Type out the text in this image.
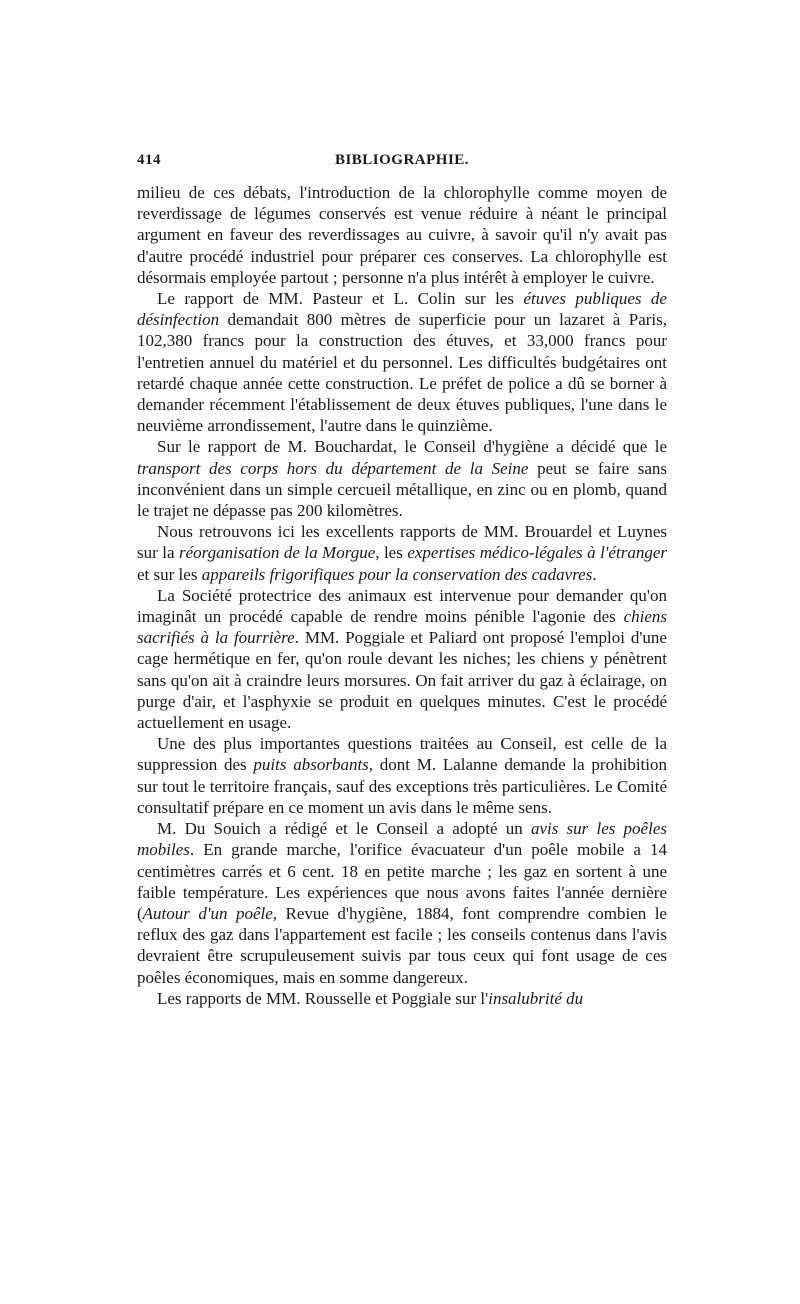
414	BIBLIOGRAPHIE.

milieu de ces débats, l'introduction de la chlorophylle comme moyen de reverdissage de légumes conservés est venue réduire à néant le principal argument en faveur des reverdissages au cuivre, à savoir qu'il n'y avait pas d'autre procédé industriel pour préparer ces conserves. La chlorophylle est désormais employée partout ; personne n'a plus intérêt à employer le cuivre.

Le rapport de MM. Pasteur et L. Colin sur les étuves publiques de désinfection demandait 800 mètres de superficie pour un lazaret à Paris, 102,380 francs pour la construction des étuves, et 33,000 francs pour l'entretien annuel du matériel et du personnel. Les difficultés budgétaires ont retardé chaque année cette construction. Le préfet de police a dû se borner à demander récemment l'établissement de deux étuves publiques, l'une dans le neuvième arrondissement, l'autre dans le quinzième.

Sur le rapport de M. Bouchardat, le Conseil d'hygiène a décidé que le transport des corps hors du département de la Seine peut se faire sans inconvénient dans un simple cercueil métallique, en zinc ou en plomb, quand le trajet ne dépasse pas 200 kilomètres.

Nous retrouvons ici les excellents rapports de MM. Brouardel et Luynes sur la réorganisation de la Morgue, les expertises médico-légales à l'étranger et sur les appareils frigorifiques pour la conservation des cadavres.

La Société protectrice des animaux est intervenue pour demander qu'on imaginât un procédé capable de rendre moins pénible l'agonie des chiens sacrifiés à la fourrière. MM. Poggiale et Paliard ont proposé l'emploi d'une cage hermétique en fer, qu'on roule devant les niches; les chiens y pénètrent sans qu'on ait à craindre leurs morsures. On fait arriver du gaz à éclairage, on purge d'air, et l'asphyxie se produit en quelques minutes. C'est le procédé actuellement en usage.

Une des plus importantes questions traitées au Conseil, est celle de la suppression des puits absorbants, dont M. Lalanne demande la prohibition sur tout le territoire français, sauf des exceptions très particulières. Le Comité consultatif prépare en ce moment un avis dans le même sens.

M. Du Souich a rédigé et le Conseil a adopté un avis sur les poêles mobiles. En grande marche, l'orifice évacuateur d'un poêle mobile a 14 centimètres carrés et 6 cent. 18 en petite marche ; les gaz en sortent à une faible température. Les expériences que nous avons faites l'année dernière (Autour d'un poêle, Revue d'hygiène, 1884, font comprendre combien le reflux des gaz dans l'appartement est facile ; les conseils contenus dans l'avis devraient être scrupuleusement suivis par tous ceux qui font usage de ces poêles économiques, mais en somme dangereux.

Les rapports de MM. Rousselle et Poggiale sur l'insalubrité du
